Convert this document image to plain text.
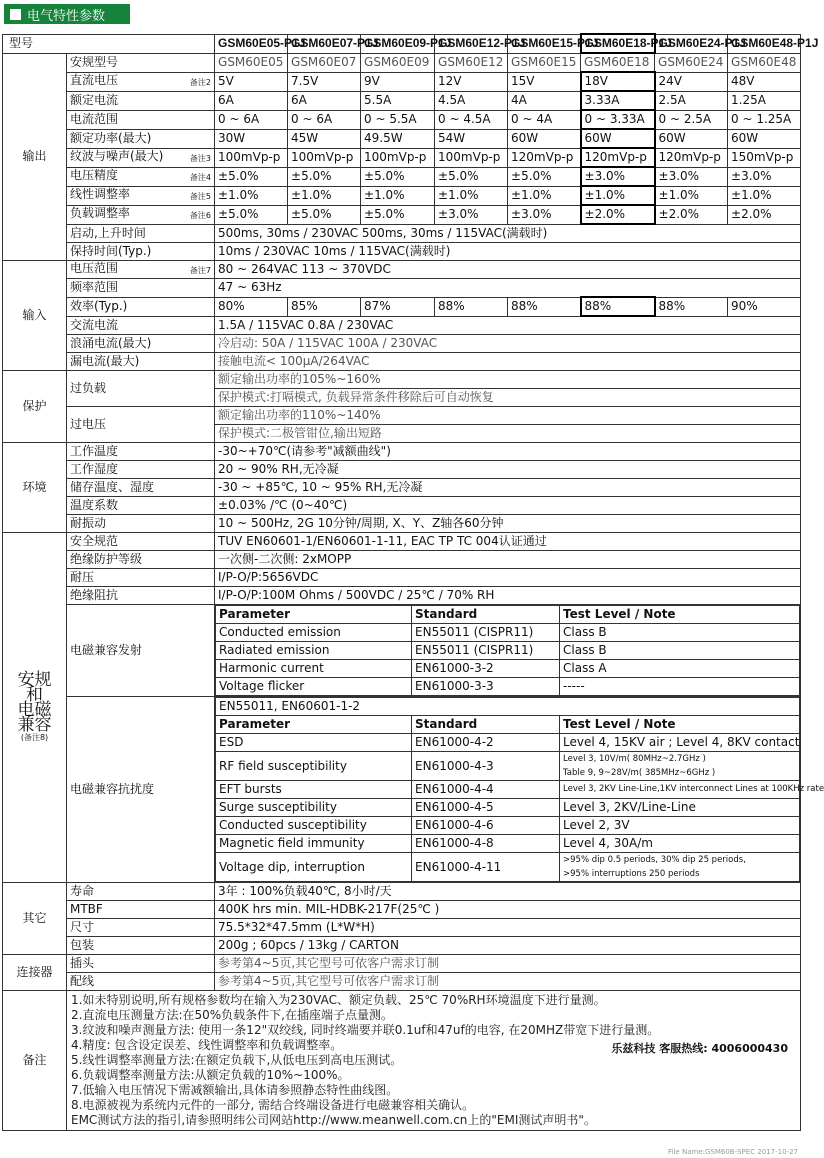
电气特性参数
型号	GSM60E05-P1J	GSM60E07-P1J	GSM60E09-P1J	GSM60E12-P1J	GSM60E15-P1J	GSM60E18-P1J	GSM60E24-P1J	GSM60E48-P1J
输出	安规型号	GSM60E05	GSM60E07	GSM60E09	GSM60E12	GSM60E15	GSM60E18	GSM60E24	GSM60E48

备注2
直流电压	5V	7.5V	9V	12V	15V	18V	24V	48V
额定电流	6A	6A	5.5A	4.5A	4A	3.33A	2.5A	1.25A
电流范围	0 ~ 6A	0 ~ 6A	0 ~ 5.5A	0 ~ 4.5A	0 ~ 4A	0 ~ 3.33A	0 ~ 2.5A	0 ~ 1.25A
额定功率(最大)	30W	45W	49.5W	54W	60W	60W	60W	60W

备注3
纹波与噪声(最大)	100mVp-p	100mVp-p	100mVp-p	100mVp-p	120mVp-p	120mVp-p	120mVp-p	150mVp-p

备注4
电压精度	±5.0%	±5.0%	±5.0%	±5.0%	±5.0%	±3.0%	±3.0%	±3.0%

备注5
线性调整率	±1.0%	±1.0%	±1.0%	±1.0%	±1.0%	±1.0%	±1.0%	±1.0%

备注6
负载调整率	±5.0%	±5.0%	±5.0%	±3.0%	±3.0%	±2.0%	±2.0%	±2.0%
启动,上升时间	500ms, 30ms / 230VAC 500ms, 30ms / 115VAC(满载时)
保持时间(Typ.)	10ms / 230VAC 10ms / 115VAC(满载时)
输入	
备注7
电压范围	80 ~ 264VAC 113 ~ 370VDC
频率范围	47 ~ 63Hz
效率(Typ.)	80%	85%	87%	88%	88%	88%	88%	90%
交流电流	1.5A / 115VAC 0.8A / 230VAC
浪涌电流(最大)	冷启动: 50A / 115VAC 100A / 230VAC
漏电流(最大)	接触电流< 100μA/264VAC
保护	过负载	额定输出功率的105%~160%
保护模式:打嗝模式, 负载异常条件移除后可自动恢复
过电压	额定输出功率的110%~140%
保护模式:二极管钳位,输出短路
环境	工作温度	-30~+70℃(请参考"减额曲线")
工作湿度	20 ~ 90% RH,无冷凝
储存温度、湿度	-30 ~ +85℃, 10 ~ 95% RH,无冷凝
温度系数	±0.03% /℃ (0~40℃)
耐振动	10 ~ 500Hz, 2G 10分钟/周期, X、Y、Z轴各60分钟

安规
和
电磁
兼容
(备注8)
	安全规范	TUV EN60601-1/EN60601-1-11, EAC TP TC 004认证通过
绝缘防护等级	一次侧-二次侧: 2xMOPP
耐压	I/P-O/P:5656VDC
绝缘阻抗	I/P-O/P:100M Ohms / 500VDC / 25℃ / 70% RH
电磁兼容发射	
Parameter	Standard	Test Level / Note
Conducted emission	EN55011 (CISPR11)	Class B
Radiated emission	EN55011 (CISPR11)	Class B
Harmonic current	EN61000-3-2	Class A
Voltage flicker	EN61000-3-3	-----

电磁兼容抗扰度	
EN55011, EN60601-1-2
Parameter	Standard	Test Level / Note
ESD	EN61000-4-2	Level 4, 15KV air ; Level 4, 8KV contact
RF field susceptibility	EN61000-4-3	Level 3, 10V/m( 80MHz~2.7GHz )
Table 9, 9~28V/m( 385MHz~6GHz )
EFT bursts	EN61000-4-4	Level 3, 2KV Line-Line,1KV interconnect Lines at 100KHz rate
Surge susceptibility	EN61000-4-5	Level 3, 2KV/Line-Line
Conducted susceptibility	EN61000-4-6	Level 2, 3V
Magnetic field immunity	EN61000-4-8	Level 4, 30A/m
Voltage dip, interruption	EN61000-4-11	>95% dip 0.5 periods, 30% dip 25 periods,
>95% interruptions 250 periods

其它	寿命	3年 : 100%负载40℃, 8小时/天
MTBF	400K hrs min. MIL-HDBK-217F(25℃ )
尺寸	75.5*32*47.5mm (L*W*H)
包装	200g ; 60pcs / 13kg / CARTON
连接器	插头	参考第4~5页,其它型号可依客户需求订制
配线	参考第4~5页,其它型号可依客户需求订制
备注	
1.如未特别说明,所有规格参数均在输入为230VAC、额定负载、25℃ 70%RH环境温度下进行量测。
2.直流电压测量方法:在50%负载条件下,在插座端子点量测。
3.纹波和噪声测量方法: 使用一条12"双绞线, 同时终端要并联0.1uf和47uf的电容, 在20MHZ带宽下进行量测。
4.精度: 包含设定误差、线性调整率和负载调整率。
5.线性调整率测量方法:在额定负载下,从低电压到高电压测试。
6.负载调整率测量方法:从额定负载的10%~100%。
7.低输入电压情况下需减额输出,具体请参照静态特性曲线图。
8.电源被视为系统内元件的一部分, 需结合终端设备进行电磁兼容相关确认。
EMC测试方法的指引,请参照明纬公司网站http://www.meanwell.com.cn上的"EMI测试声明书"。
乐兹科技 客服热线: 4006000430
File Name:GSM60B-SPEC 2017-10-27
